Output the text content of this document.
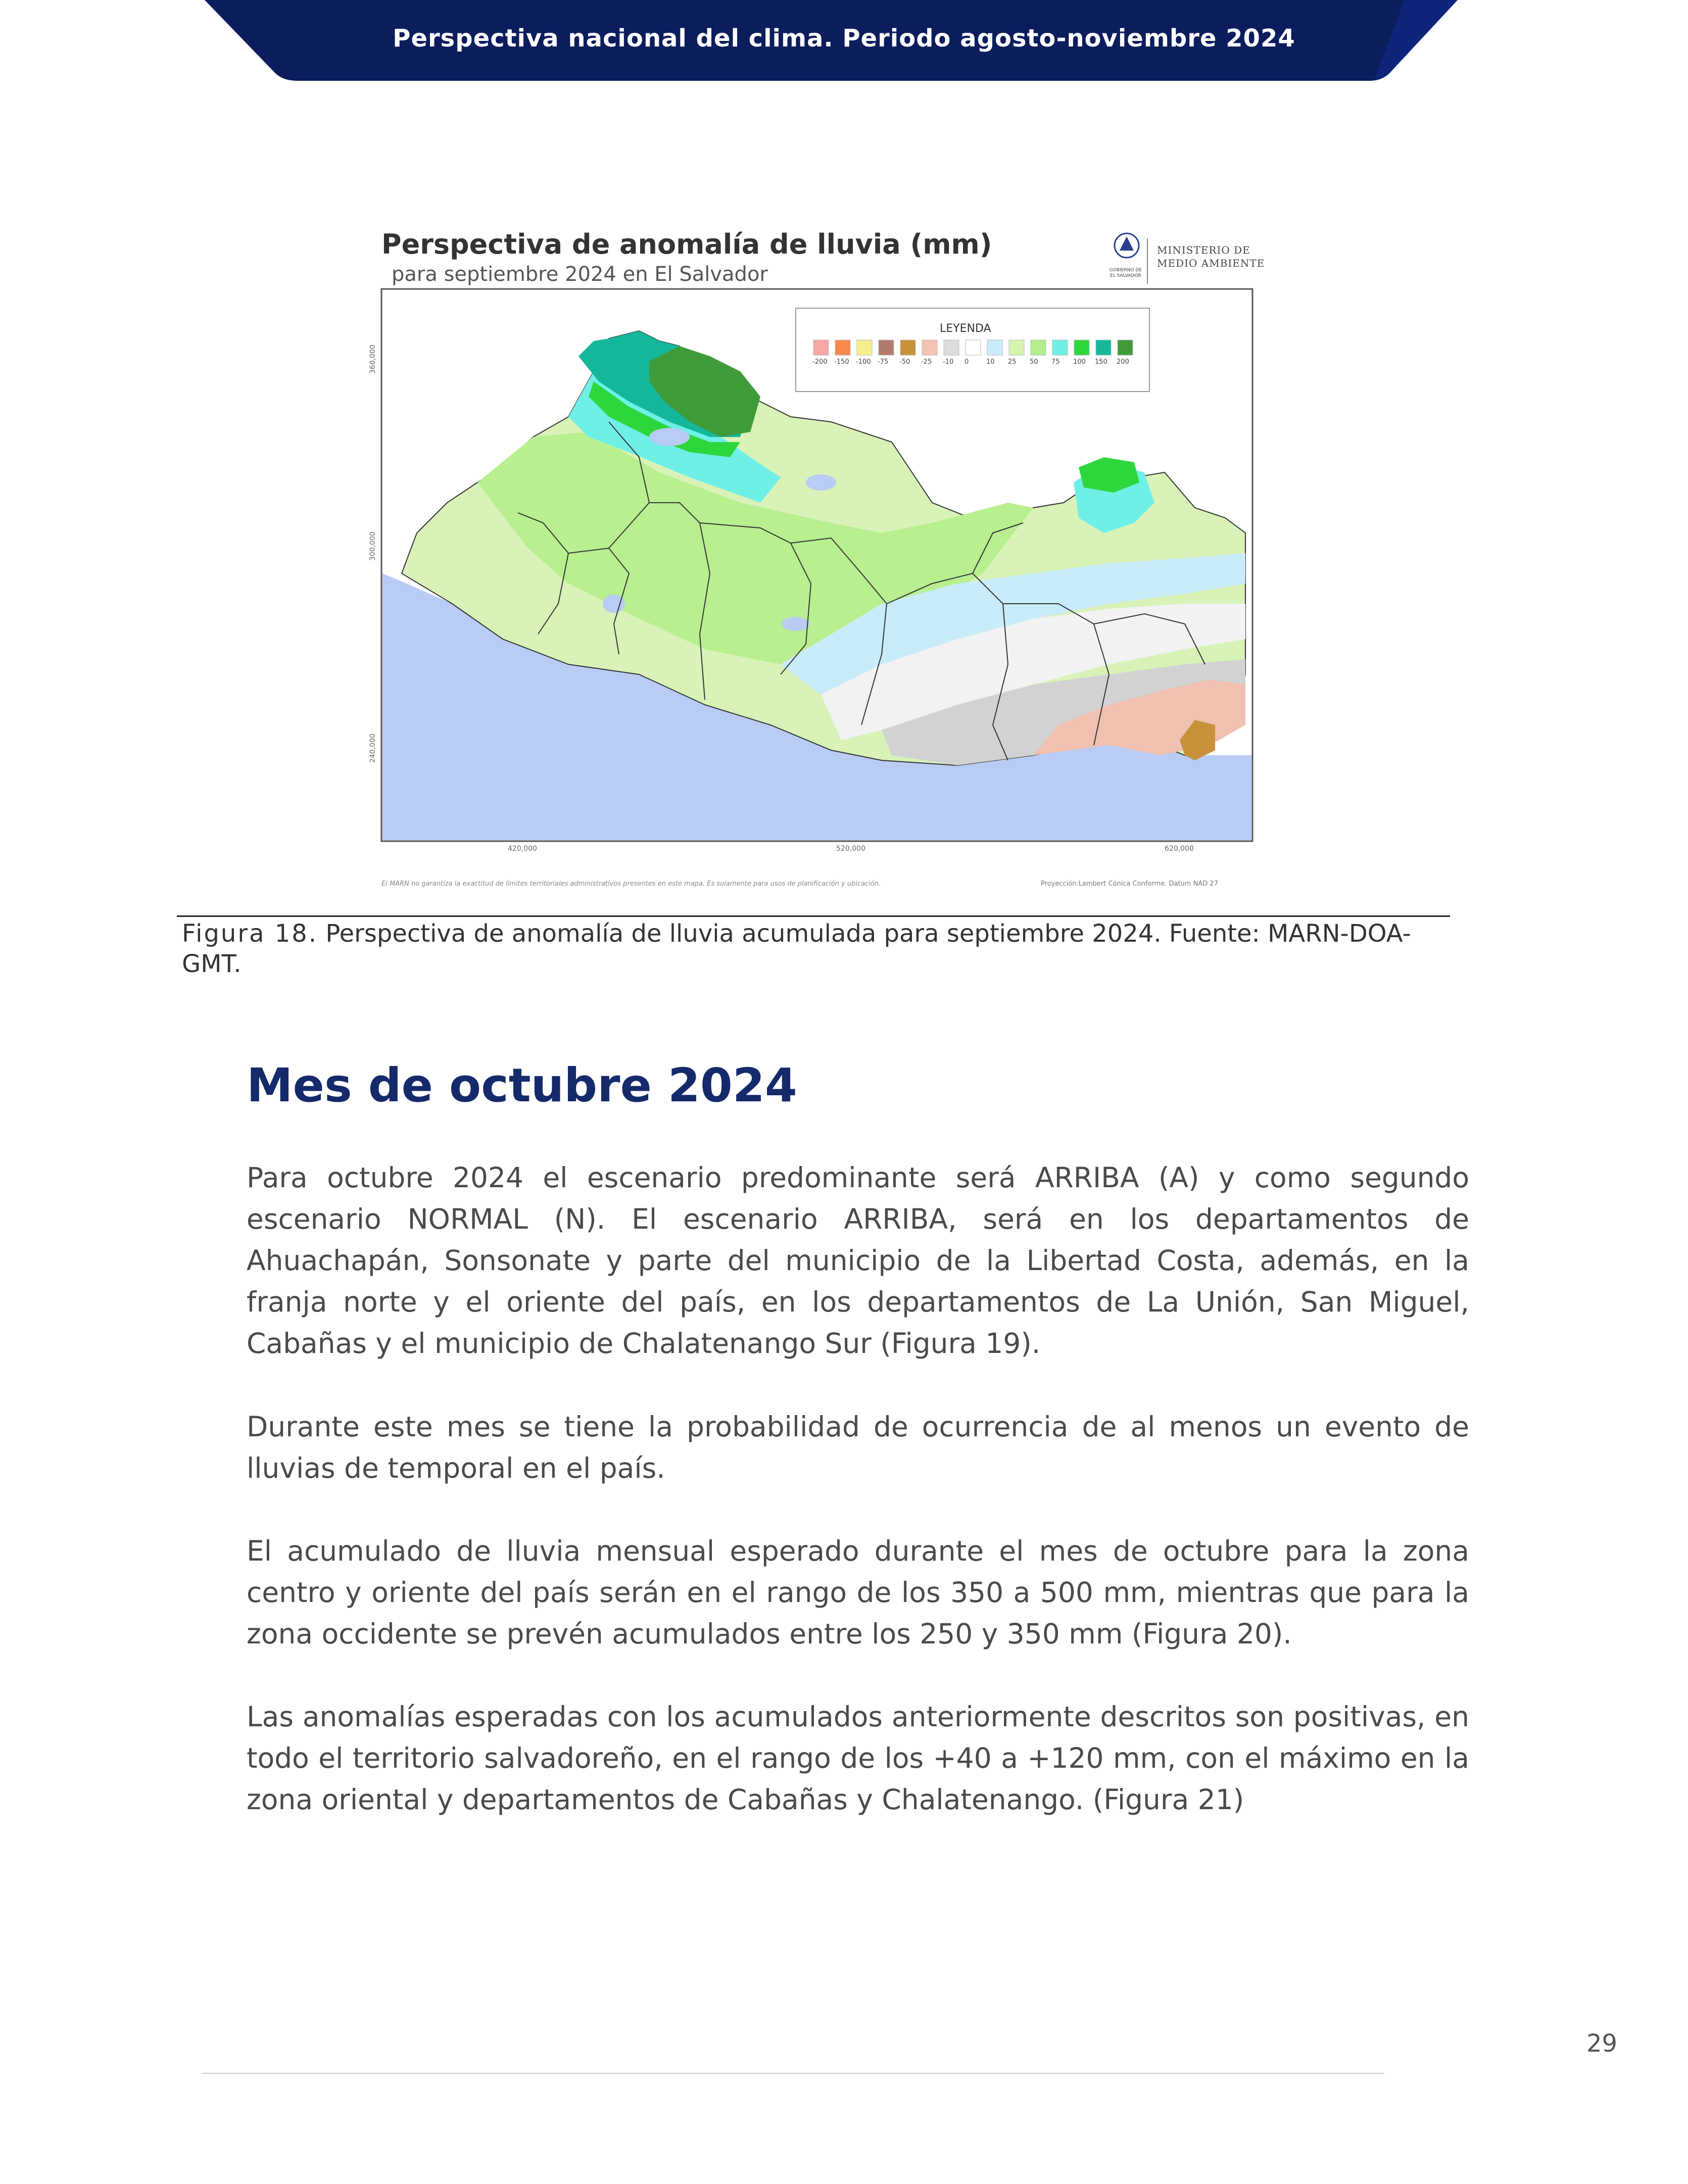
Perspectiva nacional del clima. Periodo agosto-noviembre 2024
GOBIERNO DE
EL SALVADOR
MINISTERIO DE
MEDIO AMBIENTE
Perspectiva de anomalía de lluvia (mm)
para septiembre 2024 en El Salvador
LEYENDA
-200 -150 -100 -75 -50 -25 -10 0	10 25 50 75 100 150 200
420,000	520,000	620,000
360,000
300,000
240,000
El MARN no garantiza la exactitud de límites territoriales administrativos presentes en este mapa. Es solamente para usos de planificación y ubicación.	Proyección:Lambert Cónica Conforme. Datum NAD 27
Figura 18. Perspectiva de anomalía de lluvia acumulada para septiembre 2024. Fuente: MARN-DOA-GMT.
Mes de octubre 2024

Para octubre 2024 el escenario predominante será ARRIBA (A) y como segundo escenario NORMAL (N). El escenario ARRIBA, será en los departamentos de Ahuachapán, Sonsonate y parte del municipio de la Libertad Costa, además, en la franja norte y el oriente del país, en los departamentos de La Unión, San Miguel, Cabañas y el municipio de Chalatenango Sur (Figura 19).

Durante este mes se tiene la probabilidad de ocurrencia de al menos un evento de lluvias de temporal en el país.

El acumulado de lluvia mensual esperado durante el mes de octubre para la zona centro y oriente del país serán en el rango de los 350 a 500 mm, mientras que para la zona occidente se prevén acumulados entre los 250 y 350 mm (Figura 20).

Las anomalías esperadas con los acumulados anteriormente descritos son positivas, en todo el territorio salvadoreño, en el rango de los +40 a +120 mm, con el máximo en la zona oriental y departamentos de Cabañas y Chalatenango. (Figura 21)

29
